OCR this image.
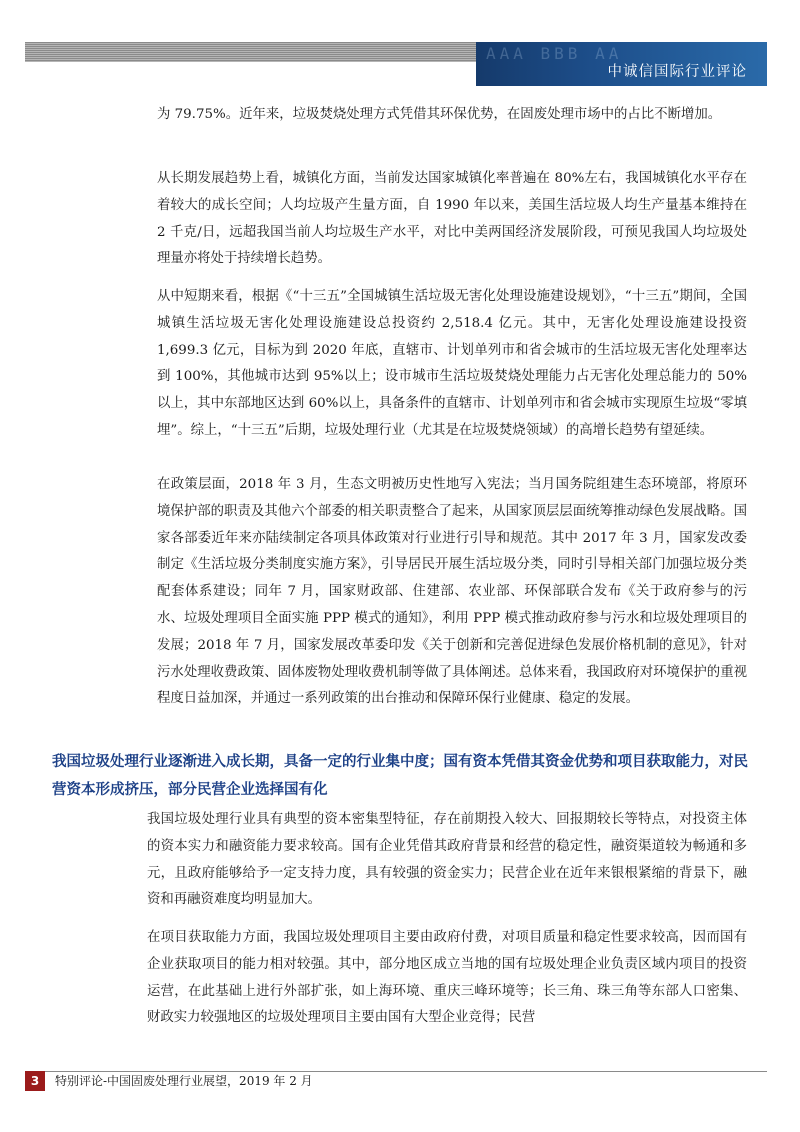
AAA BBB AA
中诚信国际行业评论

为 79.75%。近年来，垃圾焚烧处理方式凭借其环保优势，在固废处理市场中的占比不断增加。

从长期发展趋势上看，城镇化方面，当前发达国家城镇化率普遍在 80%左右，我国城镇化水平存在着较大的成长空间；人均垃圾产生量方面，自 1990 年以来，美国生活垃圾人均生产量基本维持在 2 千克/日，远超我国当前人均垃圾生产水平，对比中美两国经济发展阶段，可预见我国人均垃圾处理量亦将处于持续增长趋势。

从中短期来看，根据《“十三五”全国城镇生活垃圾无害化处理设施建设规划》，“十三五”期间，全国城镇生活垃圾无害化处理设施建设总投资约 2,518.4 亿元。其中，无害化处理设施建设投资 1,699.3 亿元，目标为到 2020 年底，直辖市、计划单列市和省会城市的生活垃圾无害化处理率达到 100%，其他城市达到 95%以上；设市城市生活垃圾焚烧处理能力占无害化处理总能力的 50%以上，其中东部地区达到 60%以上，具备条件的直辖市、计划单列市和省会城市实现原生垃圾“零填埋”。综上，“十三五”后期，垃圾处理行业（尤其是在垃圾焚烧领域）的高增长趋势有望延续。

在政策层面，2018 年 3 月，生态文明被历史性地写入宪法；当月国务院组建生态环境部，将原环境保护部的职责及其他六个部委的相关职责整合了起来，从国家顶层层面统筹推动绿色发展战略。国家各部委近年来亦陆续制定各项具体政策对行业进行引导和规范。其中 2017 年 3 月，国家发改委制定《生活垃圾分类制度实施方案》，引导居民开展生活垃圾分类，同时引导相关部门加强垃圾分类配套体系建设；同年 7 月，国家财政部、住建部、农业部、环保部联合发布《关于政府参与的污水、垃圾处理项目全面实施 PPP 模式的通知》，利用 PPP 模式推动政府参与污水和垃圾处理项目的发展；2018 年 7 月，国家发展改革委印发《关于创新和完善促进绿色发展价格机制的意见》，针对污水处理收费政策、固体废物处理收费机制等做了具体阐述。总体来看，我国政府对环境保护的重视程度日益加深，并通过一系列政策的出台推动和保障环保行业健康、稳定的发展。

我国垃圾处理行业逐渐进入成长期，具备一定的行业集中度；国有资本凭借其资金优势和项目获取能力，对民营资本形成挤压，部分民营企业选择国有化

我国垃圾处理行业具有典型的资本密集型特征，存在前期投入较大、回报期较长等特点，对投资主体的资本实力和融资能力要求较高。国有企业凭借其政府背景和经营的稳定性，融资渠道较为畅通和多元，且政府能够给予一定支持力度，具有较强的资金实力；民营企业在近年来银根紧缩的背景下，融资和再融资难度均明显加大。

在项目获取能力方面，我国垃圾处理项目主要由政府付费，对项目质量和稳定性要求较高，因而国有企业获取项目的能力相对较强。其中，部分地区成立当地的国有垃圾处理企业负责区域内项目的投资运营，在此基础上进行外部扩张，如上海环境、重庆三峰环境等；长三角、珠三角等东部人口密集、财政实力较强地区的垃圾处理项目主要由国有大型企业竞得；民营

3	特别评论-中国固废处理行业展望，2019 年 2 月
